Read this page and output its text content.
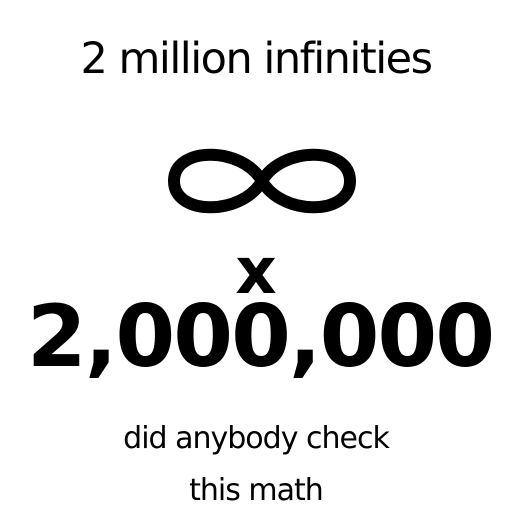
2 million infinities
x
2,000,000
did anybody check
this math
